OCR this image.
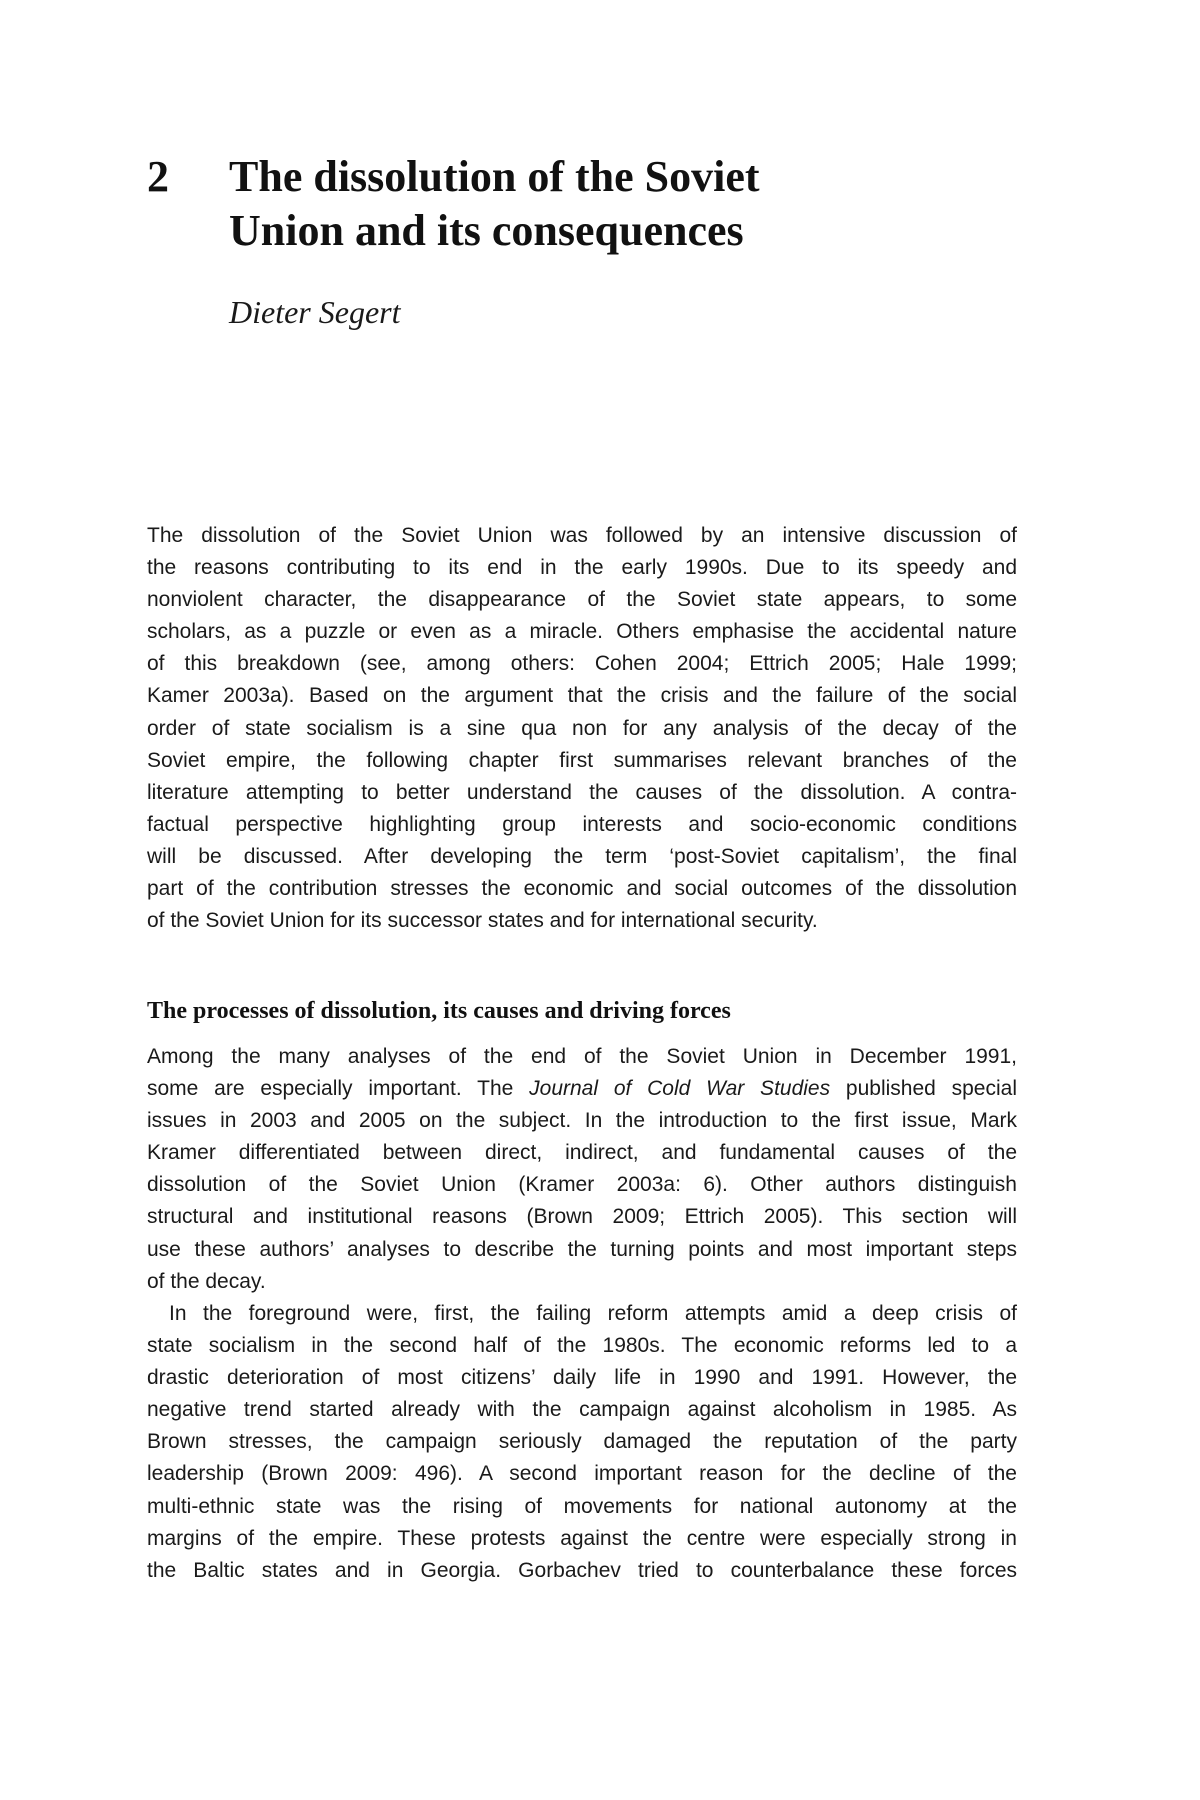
2 The dissolution of the Soviet
Union and its consequences
Dieter Segert
The dissolution of the Soviet Union was followed by an intensive discussion of
the reasons contributing to its end in the early 1990s. Due to its speedy and
nonviolent character, the disappearance of the Soviet state appears, to some
scholars, as a puzzle or even as a miracle. Others emphasise the accidental nature
of this breakdown (see, among others: Cohen 2004; Ettrich 2005; Hale 1999;
Kamer 2003a). Based on the argument that the crisis and the failure of the social
order of state socialism is a sine qua non for any analysis of the decay of the
Soviet empire, the following chapter first summarises relevant branches of the
literature attempting to better understand the causes of the dissolution. A contra-
factual perspective highlighting group interests and socio-economic conditions
will be discussed. After developing the term ‘post-Soviet capitalism’, the final
part of the contribution stresses the economic and social outcomes of the dissolution
of the Soviet Union for its successor states and for international security.
The processes of dissolution, its causes and driving forces
Among the many analyses of the end of the Soviet Union in December 1991,
some are especially important. The Journal of Cold War Studies published special
issues in 2003 and 2005 on the subject. In the introduction to the first issue, Mark
Kramer differentiated between direct, indirect, and fundamental causes of the
dissolution of the Soviet Union (Kramer 2003a: 6). Other authors distinguish
structural and institutional reasons (Brown 2009; Ettrich 2005). This section will
use these authors’ analyses to describe the turning points and most important steps
of the decay.
In the foreground were, first, the failing reform attempts amid a deep crisis of
state socialism in the second half of the 1980s. The economic reforms led to a
drastic deterioration of most citizens’ daily life in 1990 and 1991. However, the
negative trend started already with the campaign against alcoholism in 1985. As
Brown stresses, the campaign seriously damaged the reputation of the party
leadership (Brown 2009: 496). A second important reason for the decline of the
multi-ethnic state was the rising of movements for national autonomy at the
margins of the empire. These protests against the centre were especially strong in
the Baltic states and in Georgia. Gorbachev tried to counterbalance these forces
